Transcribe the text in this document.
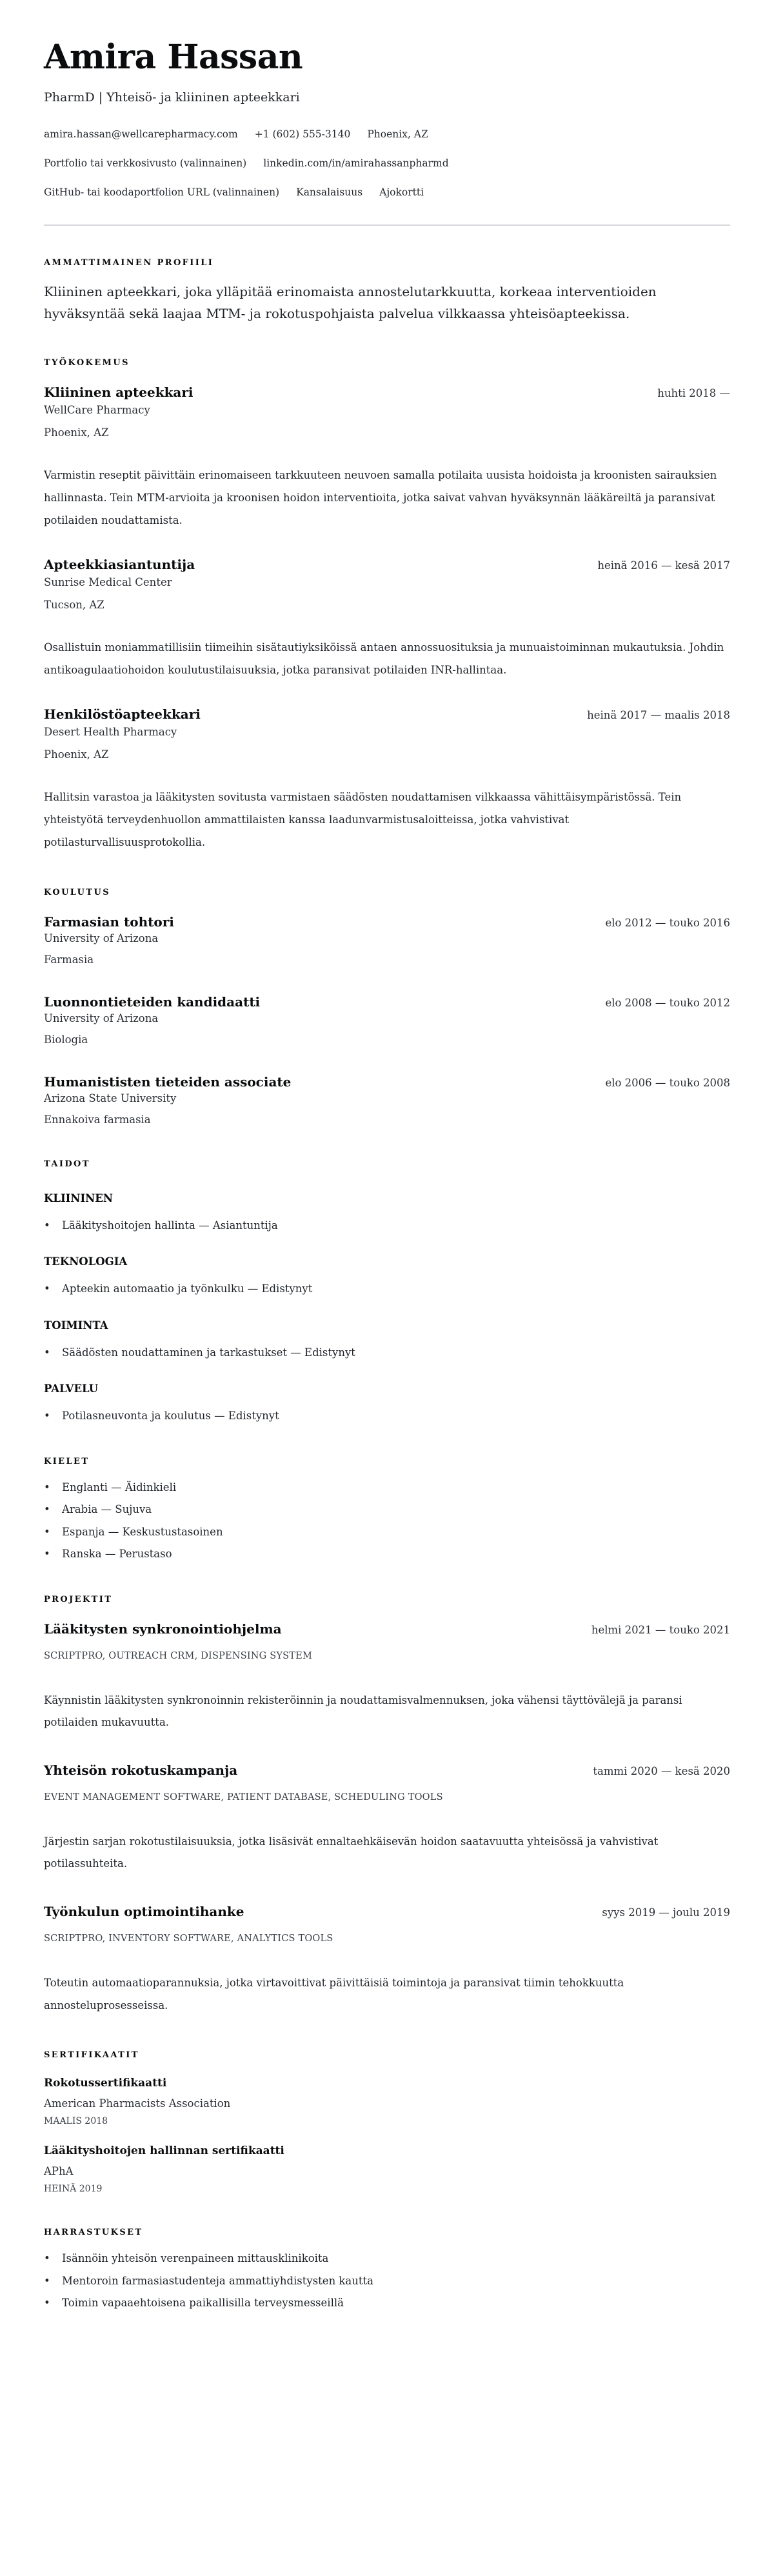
Amira Hassan
PharmD | Yhteisö- ja kliininen apteekkari
amira.hassan@wellcarepharmacy.com +1 (602) 555-3140 Phoenix, AZ
Portfolio tai verkkosivusto (valinnainen) linkedin.com/in/amirahassanpharmd
GitHub- tai koodaportfolion URL (valinnainen) Kansalaisuus Ajokortti
AMMATTIMAINEN PROFIILI

Kliininen apteekkari, joka ylläpitää erinomaista annostelutarkkuutta, korkeaa interventioiden hyväksyntää sekä laajaa MTM- ja rokotuspohjaista palvelua vilkkaassa yhteisöapteekissa.

TYÖKOKEMUS
Kliininen apteekkari	huhti 2018 —
WellCare Pharmacy
Phoenix, AZ

Varmistin reseptit päivittäin erinomaiseen tarkkuuteen neuvoen samalla potilaita uusista hoidoista ja kroonisten sairauksien hallinnasta. Tein MTM-arvioita ja kroonisen hoidon interventioita, jotka saivat vahvan hyväksynnän lääkäreiltä ja paransivat potilaiden noudattamista.

Apteekkiasiantuntija	heinä 2016 — kesä 2017
Sunrise Medical Center
Tucson, AZ

Osallistuin moniammatillisiin tiimeihin sisätautiyksiköissä antaen annossuosituksia ja munuaistoiminnan mukautuksia. Johdin antikoagulaatiohoidon koulutustilaisuuksia, jotka paransivat potilaiden INR-hallintaa.

Henkilöstöapteekkari	heinä 2017 — maalis 2018
Desert Health Pharmacy
Phoenix, AZ

Hallitsin varastoa ja lääkitysten sovitusta varmistaen säädösten noudattamisen vilkkaassa vähittäisympäristössä. Tein yhteistyötä terveydenhuollon ammattilaisten kanssa laadunvarmistusaloitteissa, jotka vahvistivat potilasturvallisuusprotokollia.

KOULUTUS
Farmasian tohtori	elo 2012 — touko 2016
University of Arizona
Farmasia
Luonnontieteiden kandidaatti	elo 2008 — touko 2012
University of Arizona
Biologia
Humanististen tieteiden associate	elo 2006 — touko 2008
Arizona State University
Ennakoiva farmasia
TAIDOT
KLIININEN
• Lääkityshoitojen hallinta — Asiantuntija
TEKNOLOGIA
• Apteekin automaatio ja työnkulku — Edistynyt
TOIMINTA
• Säädösten noudattaminen ja tarkastukset — Edistynyt
PALVELU
• Potilasneuvonta ja koulutus — Edistynyt
KIELET
• Englanti — Äidinkieli
• Arabia — Sujuva
• Espanja — Keskustustasoinen
• Ranska — Perustaso
PROJEKTIT
Lääkitysten synkronointiohjelma	helmi 2021 — touko 2021
SCRIPTPRO, OUTREACH CRM, DISPENSING SYSTEM

Käynnistin lääkitysten synkronoinnin rekisteröinnin ja noudattamisvalmennuksen, joka vähensi täyttövälejä ja paransi potilaiden mukavuutta.

Yhteisön rokotuskampanja	tammi 2020 — kesä 2020
EVENT MANAGEMENT SOFTWARE, PATIENT DATABASE, SCHEDULING TOOLS

Järjestin sarjan rokotustilaisuuksia, jotka lisäsivät ennaltaehkäisevän hoidon saatavuutta yhteisössä ja vahvistivat potilassuhteita.

Työnkulun optimointihanke	syys 2019 — joulu 2019
SCRIPTPRO, INVENTORY SOFTWARE, ANALYTICS TOOLS

Toteutin automaatioparannuksia, jotka virtavoittivat päivittäisiä toimintoja ja paransivat tiimin tehokkuutta annosteluprosesseissa.

SERTIFIKAATIT
Rokotussertifikaatti
American Pharmacists Association
MAALIS 2018
Lääkityshoitojen hallinnan sertifikaatti
APhA
HEINÄ 2019
HARRASTUKSET
• Isännöin yhteisön verenpaineen mittausklinikoita
• Mentoroin farmasiastudenteja ammattiyhdistysten kautta
• Toimin vapaaehtoisena paikallisilla terveysmesseillä
